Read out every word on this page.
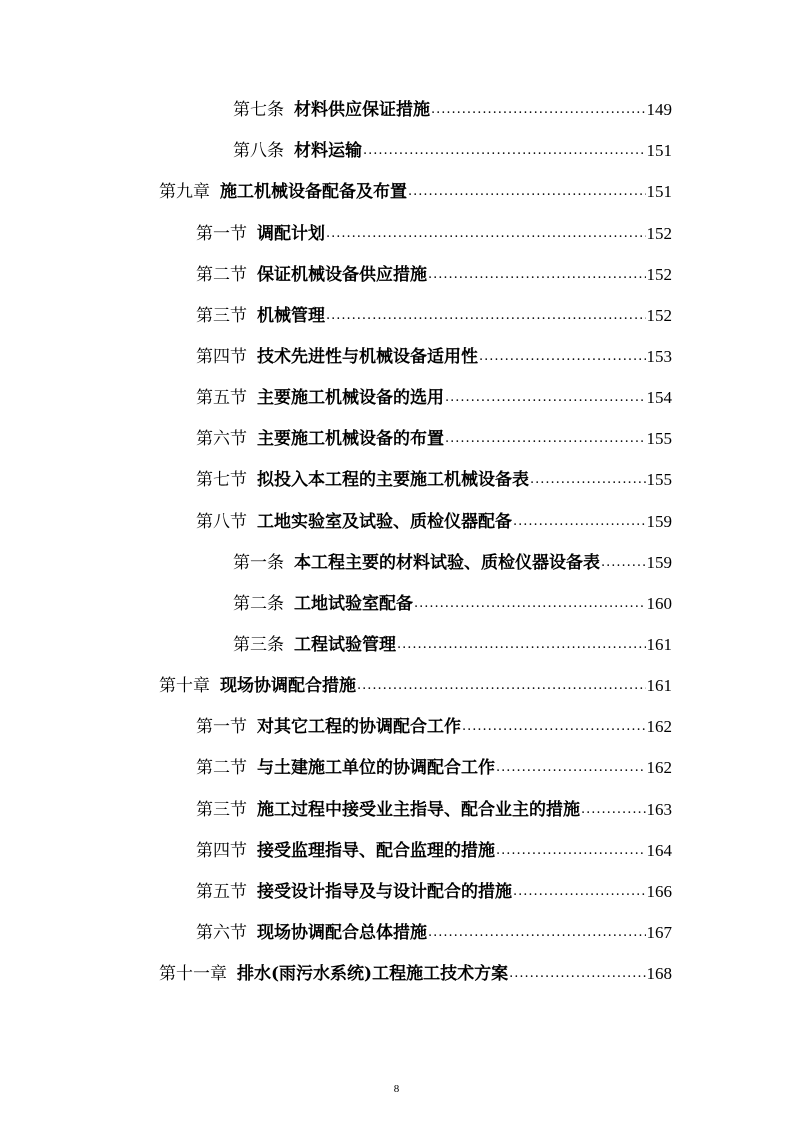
第七条 材料供应保证措施 .....	149
第八条 材料运输 .....	151
第九章 施工机械设备配备及布置 .....	151
第一节 调配计划 .....	152
第二节 保证机械设备供应措施 .....	152
第三节 机械管理 .....	152
第四节 技术先进性与机械设备适用性 .....	153
第五节 主要施工机械设备的选用 .....	154
第六节 主要施工机械设备的布置 .....	155
第七节 拟投入本工程的主要施工机械设备表 .....	155
第八节 工地实验室及试验、质检仪器配备 .....	159
第一条 本工程主要的材料试验、质检仪器设备表 .....	159
第二条 工地试验室配备 .....	160
第三条 工程试验管理 .....	161
第十章 现场协调配合措施 .....	161
第一节 对其它工程的协调配合工作 .....	162
第二节 与土建施工单位的协调配合工作 .....	162
第三节 施工过程中接受业主指导、配合业主的措施 .....	163
第四节 接受监理指导、配合监理的措施 .....	164
第五节 接受设计指导及与设计配合的措施 .....	166
第六节 现场协调配合总体措施 .....	167
第十一章 排水(雨污水系统)工程施工技术方案 .....	168
8
